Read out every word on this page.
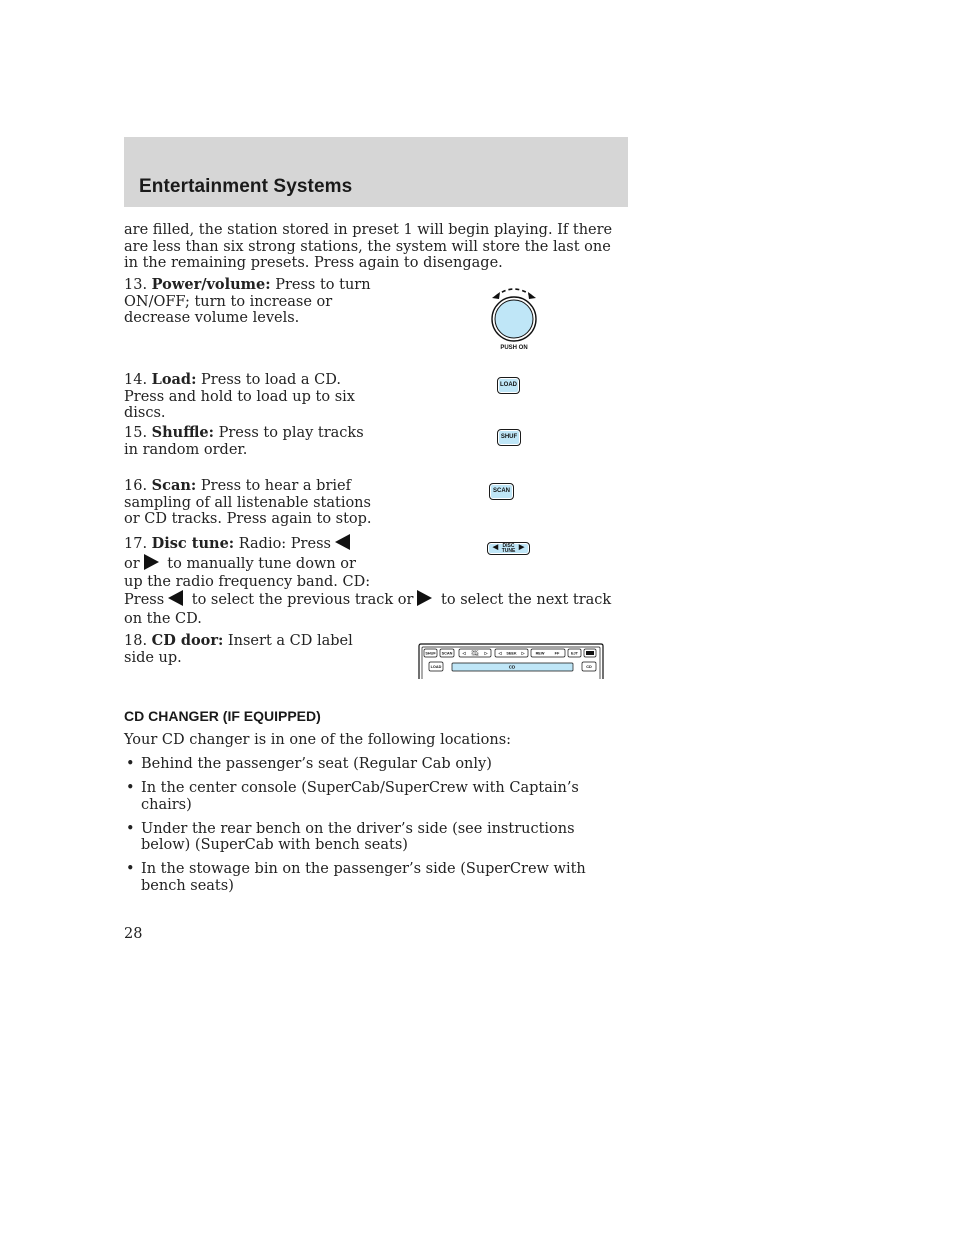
Entertainment Systems
are filled, the station stored in preset 1 will begin playing. If there are less than six strong stations, the system will store the last one in the remaining presets. Press again to disengage.
13. Power/volume: Press to turn ON/OFF; turn to increase or decrease volume levels.
14. Load: Press to load a CD. Press and hold to load up to six discs.
15. Shuffle: Press to play tracks in random order.
16. Scan: Press to hear a brief sampling of all listenable stations or CD tracks. Press again to stop.
17. Disc tune: Radio: Press or to manually tune down or up the radio frequency band. CD:
Press to select the previous track or to select the next track on the CD.
18. CD door: Insert a CD label side up.
PUSH ON
LOAD
SHUF
SCAN
◀ DISC
TUNE ▶
SHUF SCAN	◁
DISC
TUNE ▷	◁ SEEK ▷	REW	FF	EJT
LOAD	CD	CD
CD CHANGER (IF EQUIPPED)
Your CD changer is in one of the following locations:
• Behind the passenger’s seat (Regular Cab only)
• In the center console (SuperCab/SuperCrew with Captain’s chairs)
• Under the rear bench on the driver’s side (see instructions below) (SuperCab with bench seats)
• In the stowage bin on the passenger’s side (SuperCrew with bench seats)
28
